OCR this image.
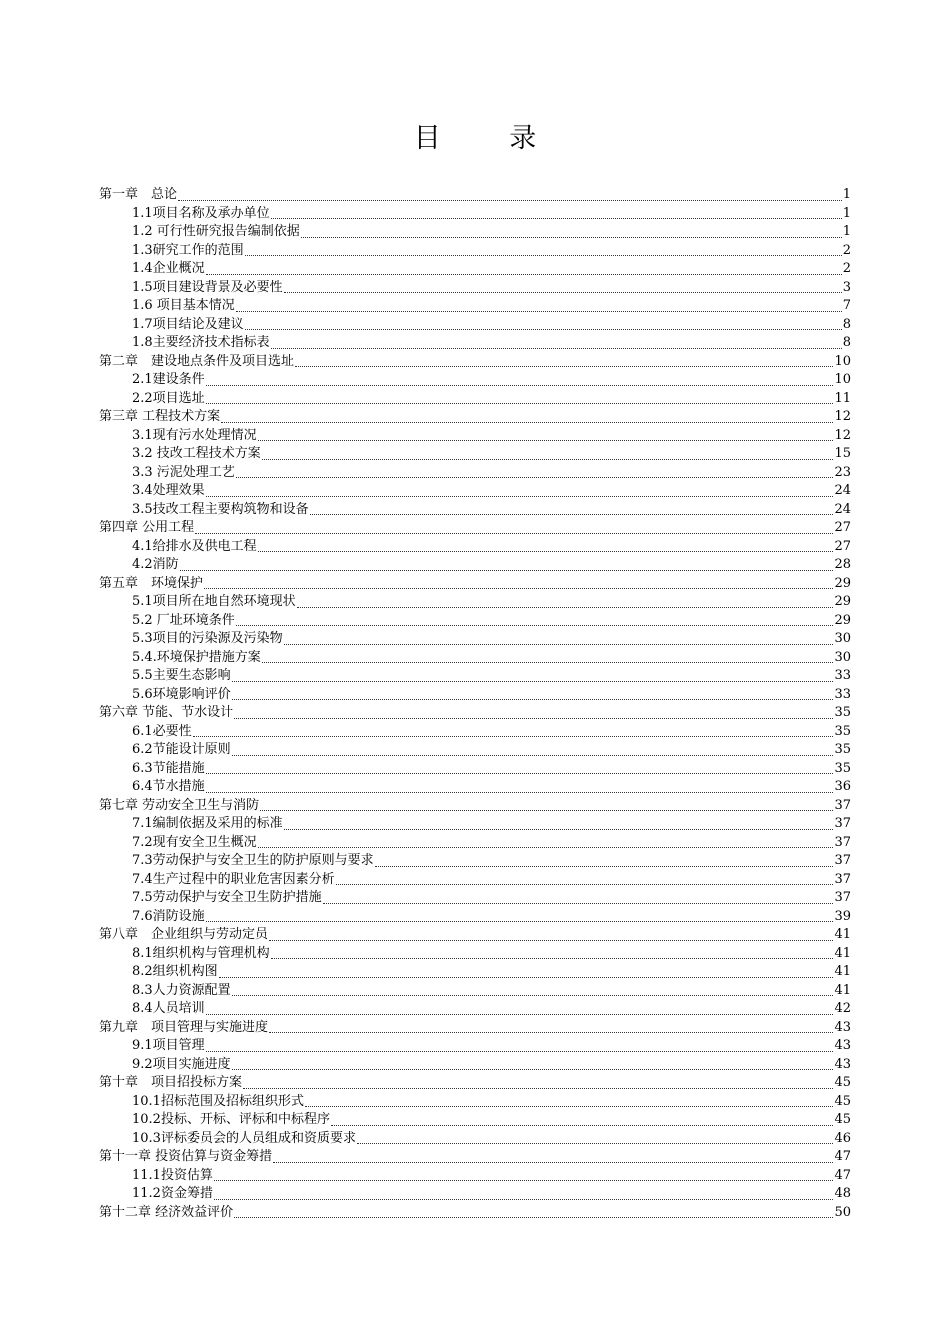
目 录
第一章　总论	1
1.1项目名称及承办单位	1
1.2 可行性研究报告编制依据	1
1.3研究工作的范围	2
1.4企业概况	2
1.5项目建设背景及必要性	3
1.6 项目基本情况	7
1.7项目结论及建议	8
1.8主要经济技术指标表	8
第二章　建设地点条件及项目选址	10
2.1建设条件	10
2.2项目选址	11
第三章 工程技术方案	12
3.1现有污水处理情况	12
3.2 技改工程技术方案	15
3.3 污泥处理工艺	23
3.4处理效果	24
3.5技改工程主要构筑物和设备	24
第四章 公用工程	27
4.1给排水及供电工程	27
4.2消防	28
第五章　环境保护	29
5.1项目所在地自然环境现状	29
5.2 厂址环境条件	29
5.3项目的污染源及污染物	30
5.4.环境保护措施方案	30
5.5主要生态影响	33
5.6环境影响评价	33
第六章 节能、节水设计	35
6.1必要性	35
6.2节能设计原则	35
6.3节能措施	35
6.4节水措施	36
第七章 劳动安全卫生与消防	37
7.1编制依据及采用的标准	37
7.2现有安全卫生概况	37
7.3劳动保护与安全卫生的防护原则与要求	37
7.4生产过程中的职业危害因素分析	37
7.5劳动保护与安全卫生防护措施	37
7.6消防设施	39
第八章　企业组织与劳动定员	41
8.1组织机构与管理机构	41
8.2组织机构图	41
8.3人力资源配置	41
8.4人员培训	42
第九章　项目管理与实施进度	43
9.1项目管理	43
9.2项目实施进度	43
第十章　项目招投标方案	45
10.1招标范围及招标组织形式	45
10.2投标、开标、评标和中标程序	45
10.3评标委员会的人员组成和资质要求	46
第十一章 投资估算与资金筹措	47
11.1投资估算	47
11.2资金筹措	48
第十二章 经济效益评价	50
